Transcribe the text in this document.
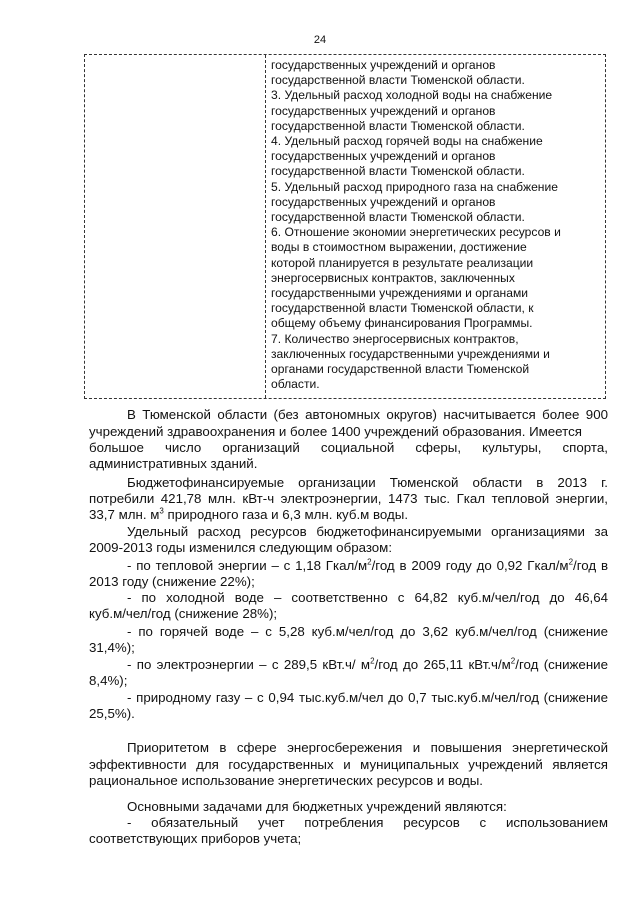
24
государственных учреждений и органов
государственной власти Тюменской области.
3. Удельный расход холодной воды на снабжение
государственных учреждений и органов
государственной власти Тюменской области.
4. Удельный расход горячей воды на снабжение
государственных учреждений и органов
государственной власти Тюменской области.
5. Удельный расход природного газа на снабжение
государственных учреждений и органов
государственной власти Тюменской области.
6. Отношение экономии энергетических ресурсов и
воды в стоимостном выражении, достижение
которой планируется в результате реализации
энергосервисных контрактов, заключенных
государственными учреждениями и органами
государственной власти Тюменской области, к
общему объему финансирования Программы.
7. Количество энергосервисных контрактов,
заключенных государственными учреждениями и
органами государственной власти Тюменской
области.
В Тюменской области (без автономных округов) насчитывается более 900 учреждений здравоохранения и более 1400 учреждений образования. Имеется
большое число организаций социальной сферы, культуры, спорта,
административных зданий.
Бюджетофинансируемые организации Тюменской области в 2013 г.
потребили 421,78 млн. кВт-ч электроэнергии, 1473 тыс. Гкал тепловой энергии,
33,7 млн. $м^3$ природного газа и 6,3 млн. куб.м воды.
Удельный расход ресурсов бюджетофинансируемыми организациями за
2009-2013 годы изменился следующим образом:
- по тепловой энергии – с 1,18 Гкал/$м^2$/год в 2009 году до 0,92 Гкал/$м^2$/год в
2013 году (снижение 22%);
- по холодной воде – соответственно с 64,82 куб.м/чел/год до 46,64
куб.м/чел/год (снижение 28%);
- по горячей воде – с 5,28 куб.м/чел/год до 3,62 куб.м/чел/год (снижение
31,4%);
- по электроэнергии – с 289,5 кВт.ч/ $м^2$/год до 265,11 $кВт.ч/м^2$/год (снижение
8,4%);
- природному газу – с 0,94 тыс.куб.м/чел до 0,7 тыс.куб.м/чел/год (снижение
25,5%).
Приоритетом в сфере энергосбережения и повышения энергетической эффективности для государственных и муниципальных учреждений является рациональное использование энергетических ресурсов и воды.
Основными задачами для бюджетных учреждений являются:
- обязательный учет потребления ресурсов с использованием
соответствующих приборов учета;
